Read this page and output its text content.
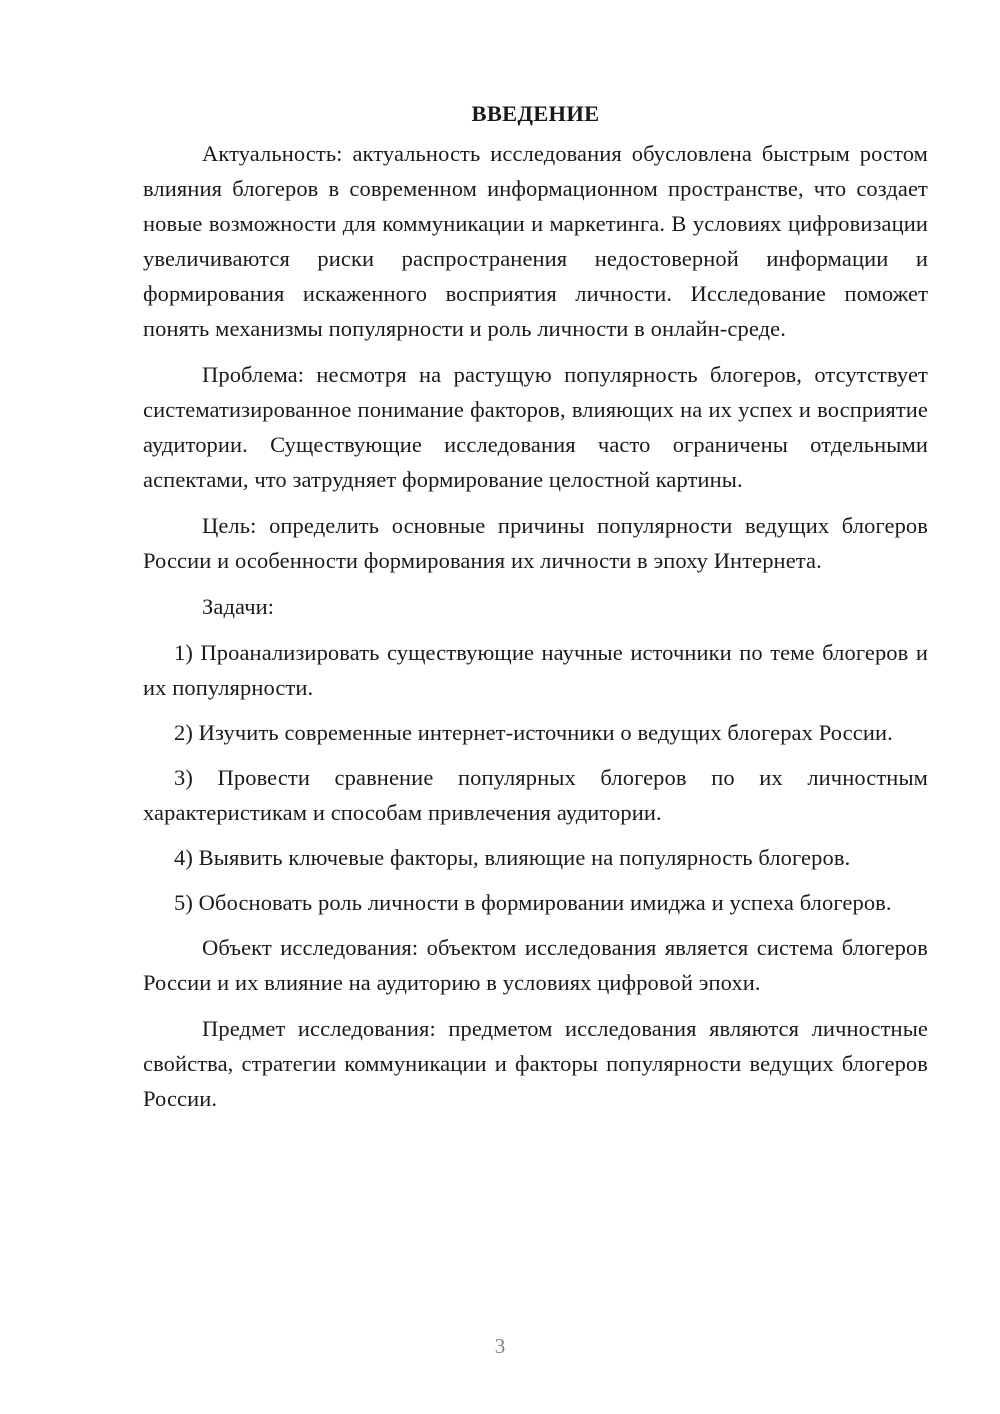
ВВЕДЕНИЕ

Актуальность: актуальность исследования обусловлена быстрым ростом влияния блогеров в современном информационном пространстве, что создает новые возможности для коммуникации и маркетинга. В условиях цифровизации увеличиваются риски распространения недостоверной информации и формирования искаженного восприятия личности. Исследование поможет понять механизмы популярности и роль личности в онлайн-среде.

Проблема: несмотря на растущую популярность блогеров, отсутствует систематизированное понимание факторов, влияющих на их успех и восприятие аудитории. Существующие исследования часто ограничены отдельными аспектами, что затрудняет формирование целостной картины.

Цель: определить основные причины популярности ведущих блогеров России и особенности формирования их личности в эпоху Интернета.

Задачи:

1) Проанализировать существующие научные источники по теме блогеров и их популярности.

2) Изучить современные интернет-источники о ведущих блогерах России.

3) Провести сравнение популярных блогеров по их личностным характеристикам и способам привлечения аудитории.

4) Выявить ключевые факторы, влияющие на популярность блогеров.

5) Обосновать роль личности в формировании имиджа и успеха блогеров.

Объект исследования: объектом исследования является система блогеров России и их влияние на аудиторию в условиях цифровой эпохи.

Предмет исследования: предметом исследования являются личностные свойства, стратегии коммуникации и факторы популярности ведущих блогеров России.

3
